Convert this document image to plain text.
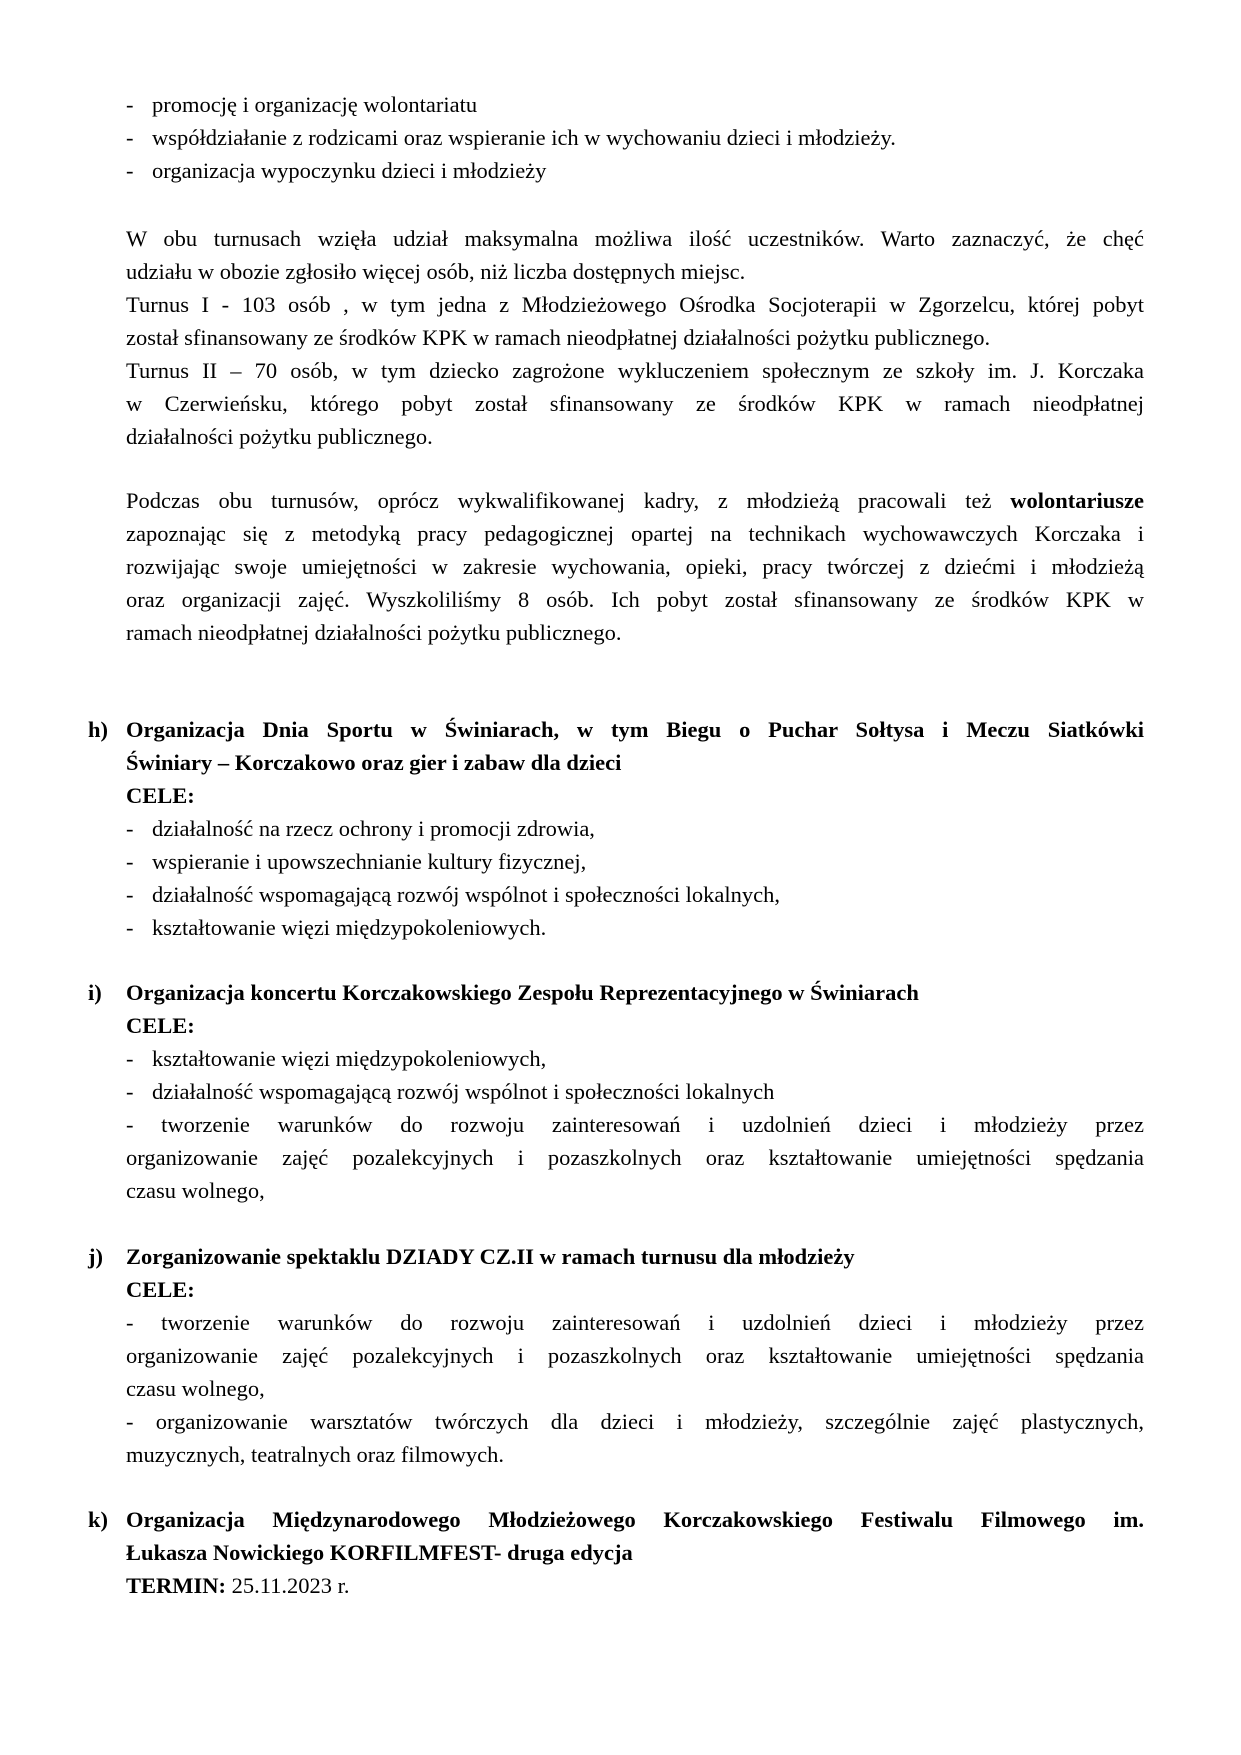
- promocję i organizację wolontariatu
- współdziałanie z rodzicami oraz wspieranie ich w wychowaniu dzieci i młodzieży.
- organizacja wypoczynku dzieci i młodzieży
W obu turnusach wzięła udział maksymalna możliwa ilość uczestników. Warto zaznaczyć, że chęć
udziału w obozie zgłosiło więcej osób, niż liczba dostępnych miejsc.
Turnus I - 103 osób , w tym jedna z Młodzieżowego Ośrodka Socjoterapii w Zgorzelcu, której pobyt
został sfinansowany ze środków KPK w ramach nieodpłatnej działalności pożytku publicznego.
Turnus II – 70 osób, w tym dziecko zagrożone wykluczeniem społecznym ze szkoły im. J. Korczaka
w Czerwieńsku, którego pobyt został sfinansowany ze środków KPK w ramach nieodpłatnej
działalności pożytku publicznego.
Podczas obu turnusów, oprócz wykwalifikowanej kadry, z młodzieżą pracowali też wolontariusze
zapoznając się z metodyką pracy pedagogicznej opartej na technikach wychowawczych Korczaka i
rozwijając swoje umiejętności w zakresie wychowania, opieki, pracy twórczej z dziećmi i młodzieżą
oraz organizacji zajęć. Wyszkoliliśmy 8 osób. Ich pobyt został sfinansowany ze środków KPK w
ramach nieodpłatnej działalności pożytku publicznego.
h) Organizacja Dnia Sportu w Świniarach, w tym Biegu o Puchar Sołtysa i Meczu Siatkówki
Świniary – Korczakowo oraz gier i zabaw dla dzieci
CELE:
- działalność na rzecz ochrony i promocji zdrowia,
- wspieranie i upowszechnianie kultury fizycznej,
- działalność wspomagającą rozwój wspólnot i społeczności lokalnych,
- kształtowanie więzi międzypokoleniowych.
i) Organizacja koncertu Korczakowskiego Zespołu Reprezentacyjnego w Świniarach
CELE:
- kształtowanie więzi międzypokoleniowych,
- działalność wspomagającą rozwój wspólnot i społeczności lokalnych
- tworzenie warunków do rozwoju zainteresowań i uzdolnień dzieci i młodzieży przez
organizowanie zajęć pozalekcyjnych i pozaszkolnych oraz kształtowanie umiejętności spędzania
czasu wolnego,
j) Zorganizowanie spektaklu DZIADY CZ.II w ramach turnusu dla młodzieży
CELE:
- tworzenie warunków do rozwoju zainteresowań i uzdolnień dzieci i młodzieży przez
organizowanie zajęć pozalekcyjnych i pozaszkolnych oraz kształtowanie umiejętności spędzania
czasu wolnego,
- organizowanie warsztatów twórczych dla dzieci i młodzieży, szczególnie zajęć plastycznych,
muzycznych, teatralnych oraz filmowych.
k) Organizacja Międzynarodowego Młodzieżowego Korczakowskiego Festiwalu Filmowego im.
Łukasza Nowickiego KORFILMFEST- druga edycja
TERMIN: 25.11.2023 r.
